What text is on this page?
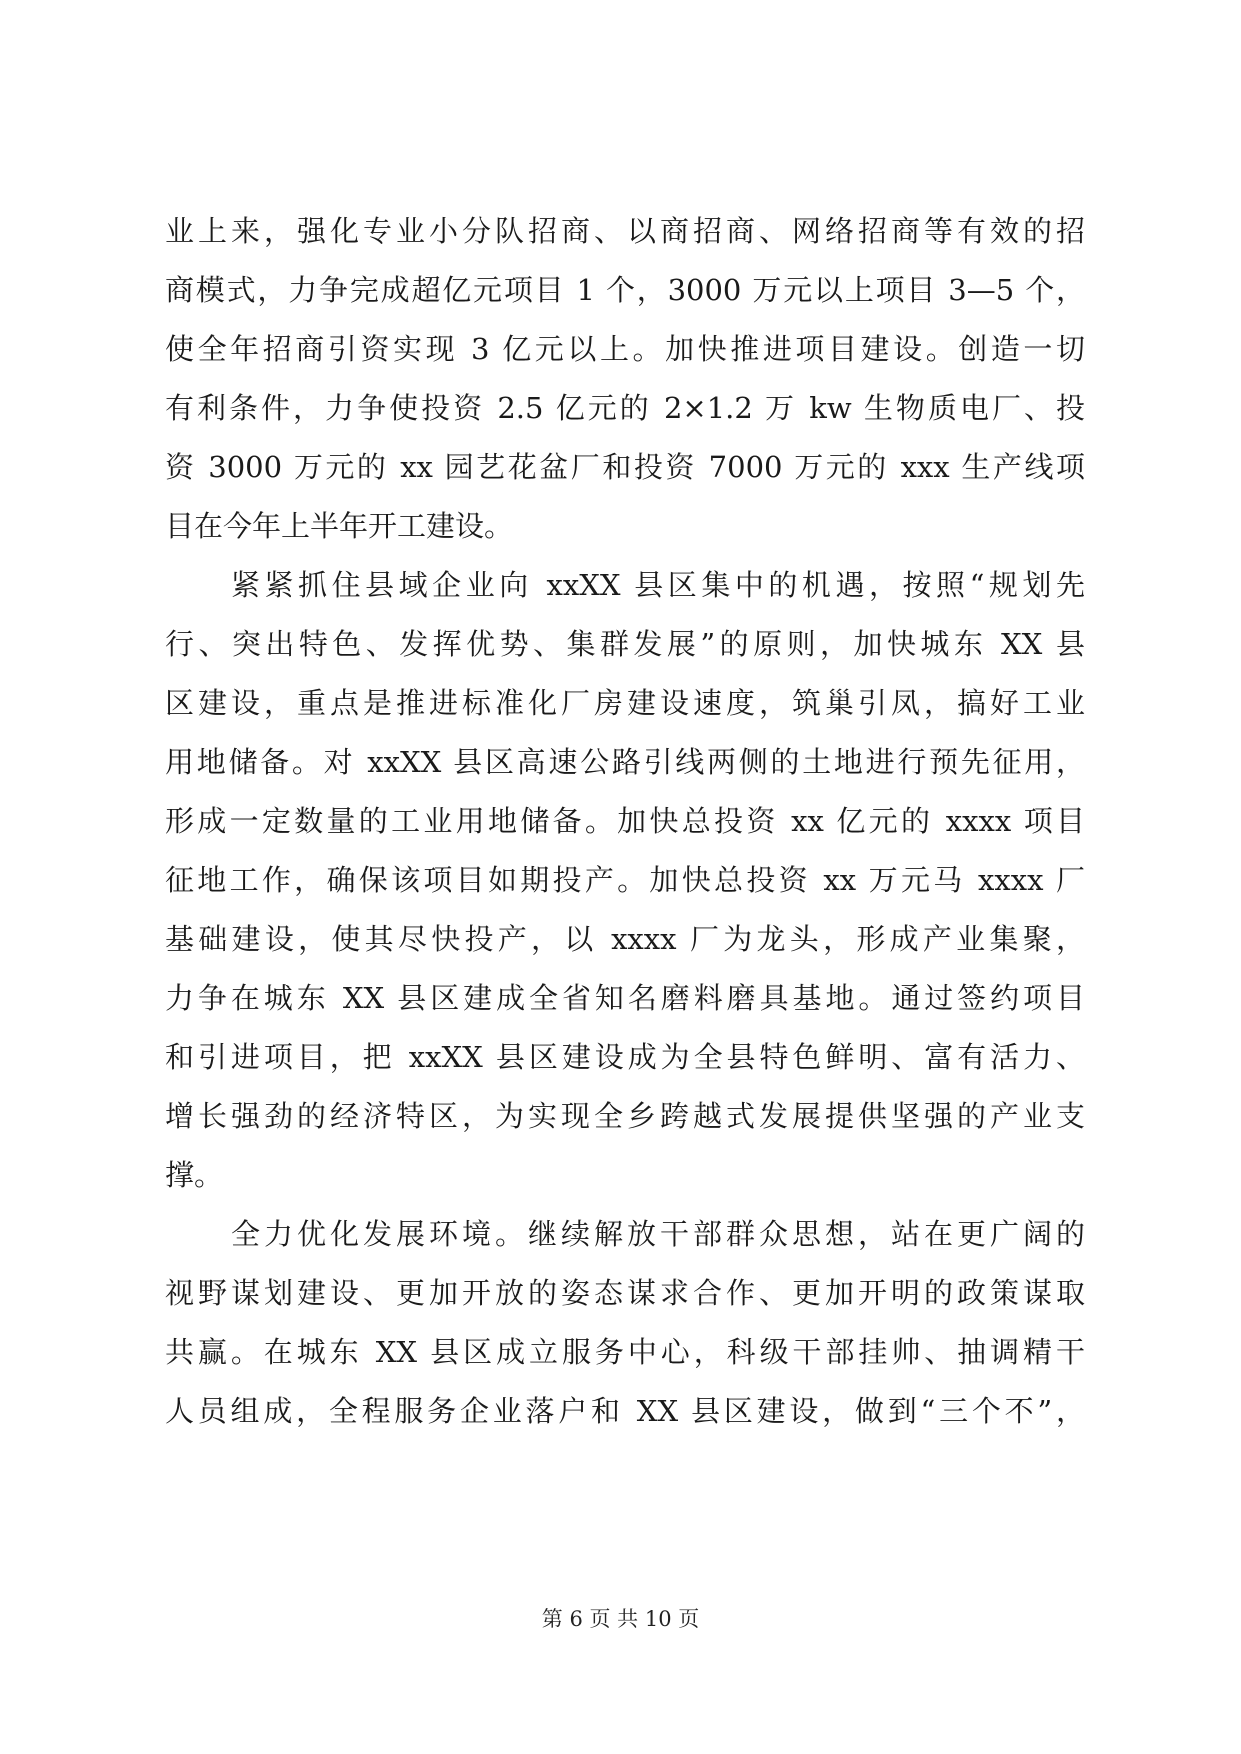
业上来，强化专业小分队招商、以商招商、网络招商等有效的招
商模式，力争完成超亿元项目 1 个，3000 万元以上项目 3—5 个，
使全年招商引资实现 3 亿元以上。加快推进项目建设。创造一切
有利条件，力争使投资 2.5 亿元的 2×1.2 万 kw 生物质电厂、投
资 3000 万元的 xx 园艺花盆厂和投资 7000 万元的 xxx 生产线项
目在今年上半年开工建设。
紧紧抓住县域企业向 xxXX 县区集中的机遇，按照“规划先
行、突出特色、发挥优势、集群发展”的原则，加快城东 XX 县
区建设，重点是推进标准化厂房建设速度，筑巢引凤，搞好工业
用地储备。对 xxXX 县区高速公路引线两侧的土地进行预先征用，
形成一定数量的工业用地储备。加快总投资 xx 亿元的 xxxx 项目
征地工作，确保该项目如期投产。加快总投资 xx 万元马 xxxx 厂
基础建设，使其尽快投产，以 xxxx 厂为龙头，形成产业集聚，
力争在城东 XX 县区建成全省知名磨料磨具基地。通过签约项目
和引进项目，把 xxXX 县区建设成为全县特色鲜明、富有活力、
增长强劲的经济特区，为实现全乡跨越式发展提供坚强的产业支
撑。
全力优化发展环境。继续解放干部群众思想，站在更广阔的
视野谋划建设、更加开放的姿态谋求合作、更加开明的政策谋取
共赢。在城东 XX 县区成立服务中心，科级干部挂帅、抽调精干
人员组成，全程服务企业落户和 XX 县区建设，做到“三个不”，
第 6 页 共 10 页
